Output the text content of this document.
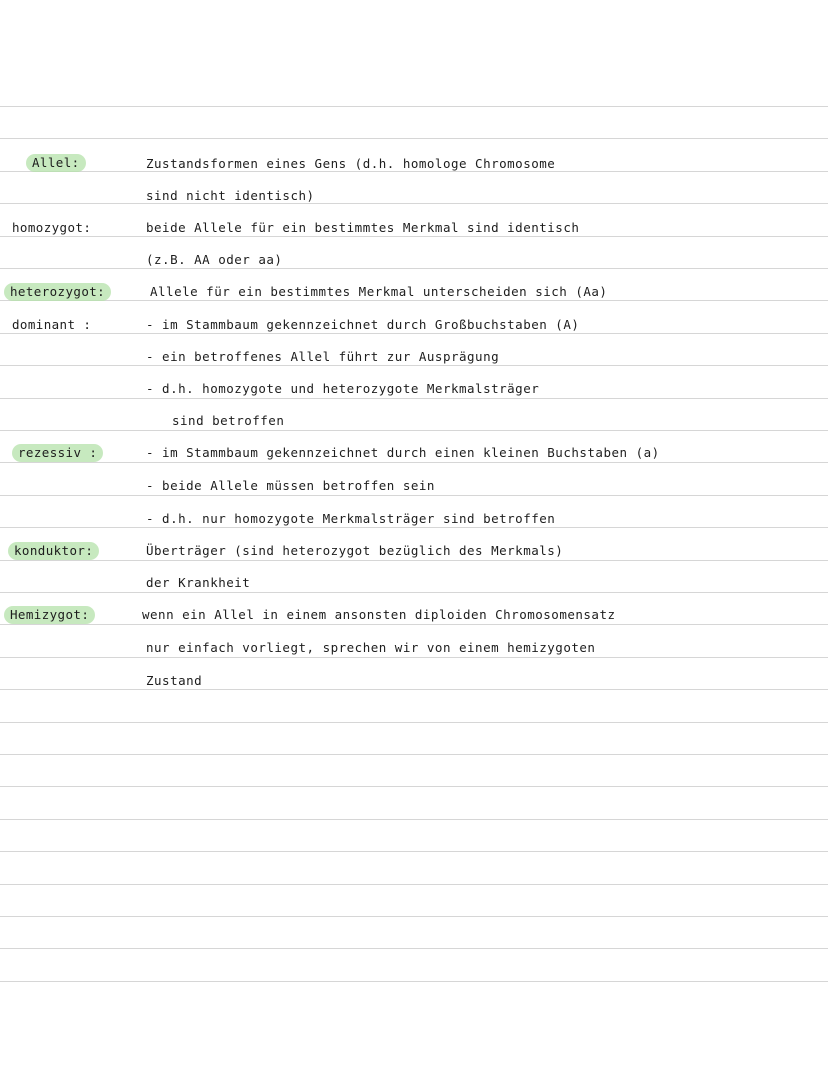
Allel:
homozygot:
heterozygot:
dominant :
rezessiv :
konduktor:
Hemizygot:
Zustandsformen eines Gens (d.h. homologe Chromosome
sind nicht identisch)
beide Allele für ein bestimmtes Merkmal sind identisch
(z.B. AA oder aa)
Allele für ein bestimmtes Merkmal unterscheiden sich (Aa)
- im Stammbaum gekennzeichnet durch Großbuchstaben (A)
- ein betroffenes Allel führt zur Ausprägung
- d.h. homozygote und heterozygote Merkmalsträger
sind betroffen
- im Stammbaum gekennzeichnet durch einen kleinen Buchstaben (a)
- beide Allele müssen betroffen sein
- d.h. nur homozygote Merkmalsträger sind betroffen
Überträger (sind heterozygot bezüglich des Merkmals)
der Krankheit
wenn ein Allel in einem ansonsten diploiden Chromosomensatz
nur einfach vorliegt, sprechen wir von einem hemizygoten
Zustand
